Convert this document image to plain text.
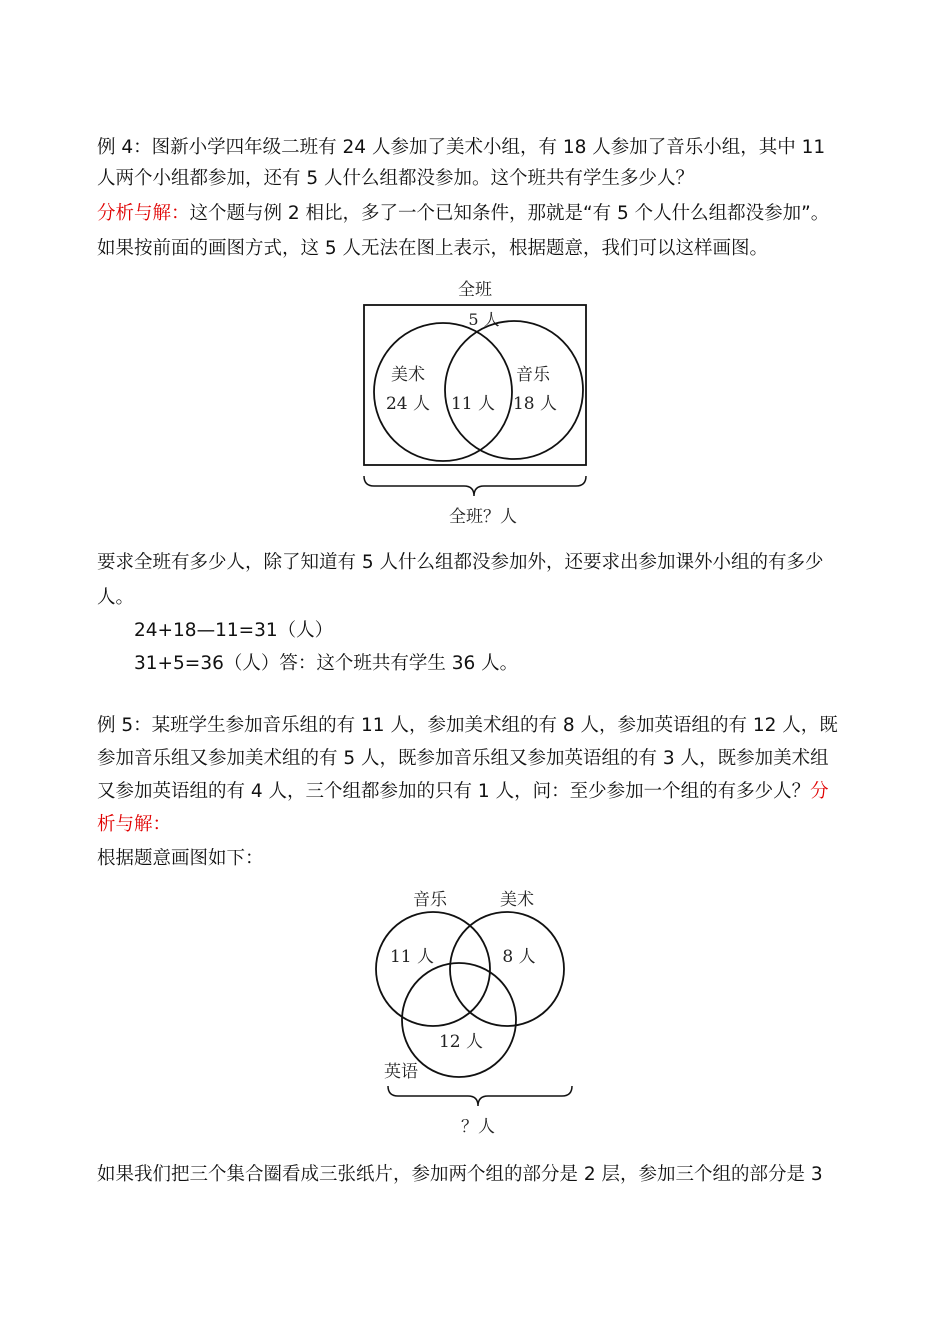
例 4：图新小学四年级二班有 24 人参加了美术小组，有 18 人参加了音乐小组，其中 11
人两个小组都参加，还有 5 人什么组都没参加。这个班共有学生多少人？
分析与解：这个题与例 2 相比，多了一个已知条件，那就是“有 5 个人什么组都没参加”。
如果按前面的画图方式，这 5 人无法在图上表示，根据题意，我们可以这样画图。
全班
5 人
美术
24 人 11 人
音乐
18 人
全班？人
要求全班有多少人，除了知道有 5 人什么组都没参加外，还要求出参加课外小组的有多少
人。
24+18—11=31（人）
31+5=36（人）答：这个班共有学生 36 人。
例 5：某班学生参加音乐组的有 11 人，参加美术组的有 8 人，参加英语组的有 12 人，既
参加音乐组又参加美术组的有 5 人，既参加音乐组又参加英语组的有 3 人，既参加美术组
又参加英语组的有 4 人，三个组都参加的只有 1 人，问：至少参加一个组的有多少人？分
析与解：
根据题意画图如下：
音乐	美术
11 人	8 人
12 人
英语
？人
如果我们把三个集合圈看成三张纸片，参加两个组的部分是 2 层，参加三个组的部分是 3
